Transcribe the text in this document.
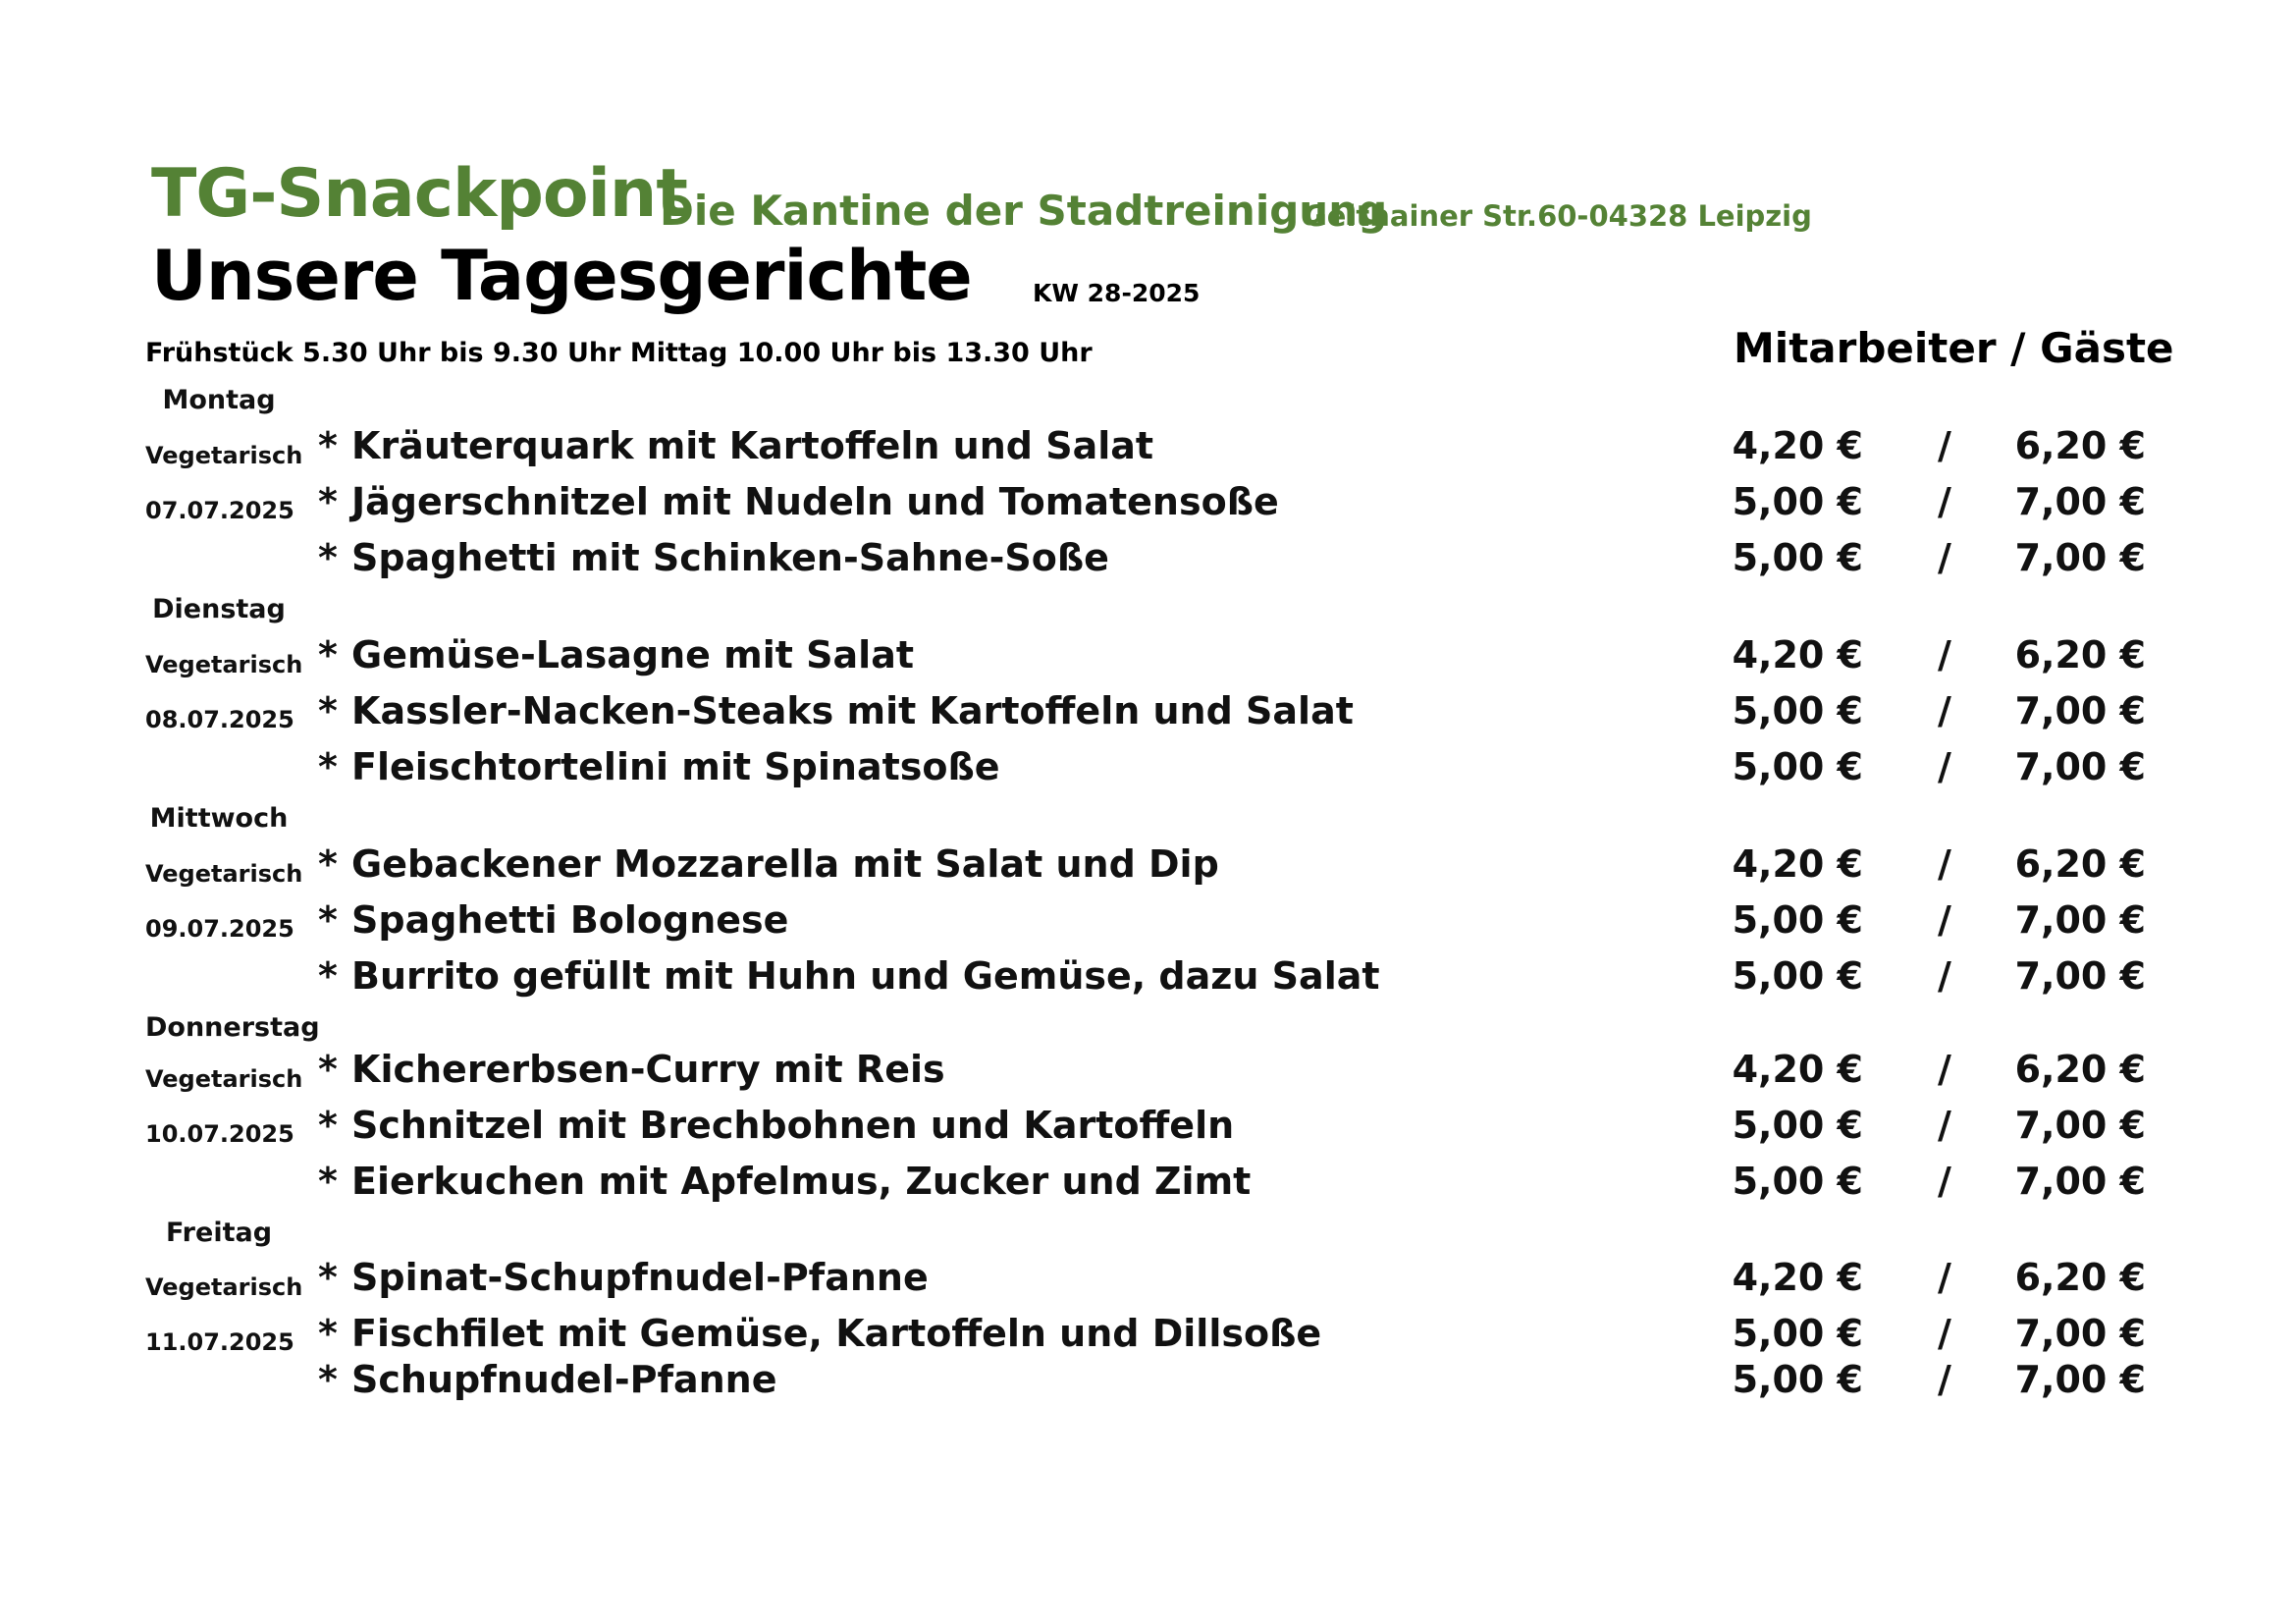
TG-Snackpoint
Die Kantine der Stadtreinigung
Geithainer Str.60-04328 Leipzig
Unsere Tagesgerichte KW 28-2025
Frühstück 5.30 Uhr bis 9.30 Uhr Mittag 10.00 Uhr bis 13.30 Uhr	Mitarbeiter / Gäste
Montag
Vegetarisch
07.07.2025
* Kräuterquark mit Kartoffeln und Salat	4,20 € /	6,20 €
* Jägerschnitzel mit Nudeln und Tomatensoße	5,00 € /	7,00 €
* Spaghetti mit Schinken-Sahne-Soße	5,00 € /	7,00 €
Dienstag
Vegetarisch
08.07.2025
* Gemüse-Lasagne mit Salat	4,20 € /	6,20 €
* Kassler-Nacken-Steaks mit Kartoffeln und Salat	5,00 € /	7,00 €
* Fleischtortelini mit Spinatsoße	5,00 € /	7,00 €
Mittwoch
Vegetarisch
09.07.2025
* Gebackener Mozzarella mit Salat und Dip	4,20 € /	6,20 €
* Spaghetti Bolognese	5,00 € /	7,00 €
* Burrito gefüllt mit Huhn und Gemüse, dazu Salat	5,00 € /	7,00 €
Donnerstag
Vegetarisch
10.07.2025
* Kichererbsen-Curry mit Reis	4,20 € /	6,20 €
* Schnitzel mit Brechbohnen und Kartoffeln	5,00 € /	7,00 €
* Eierkuchen mit Apfelmus, Zucker und Zimt	5,00 € /	7,00 €
Freitag
Vegetarisch
11.07.2025
* Spinat-Schupfnudel-Pfanne	4,20 € /	6,20 €
* Fischfilet mit Gemüse, Kartoffeln und Dillsoße	5,00 € /	7,00 €
* Schupfnudel-Pfanne	5,00 € /	7,00 €
